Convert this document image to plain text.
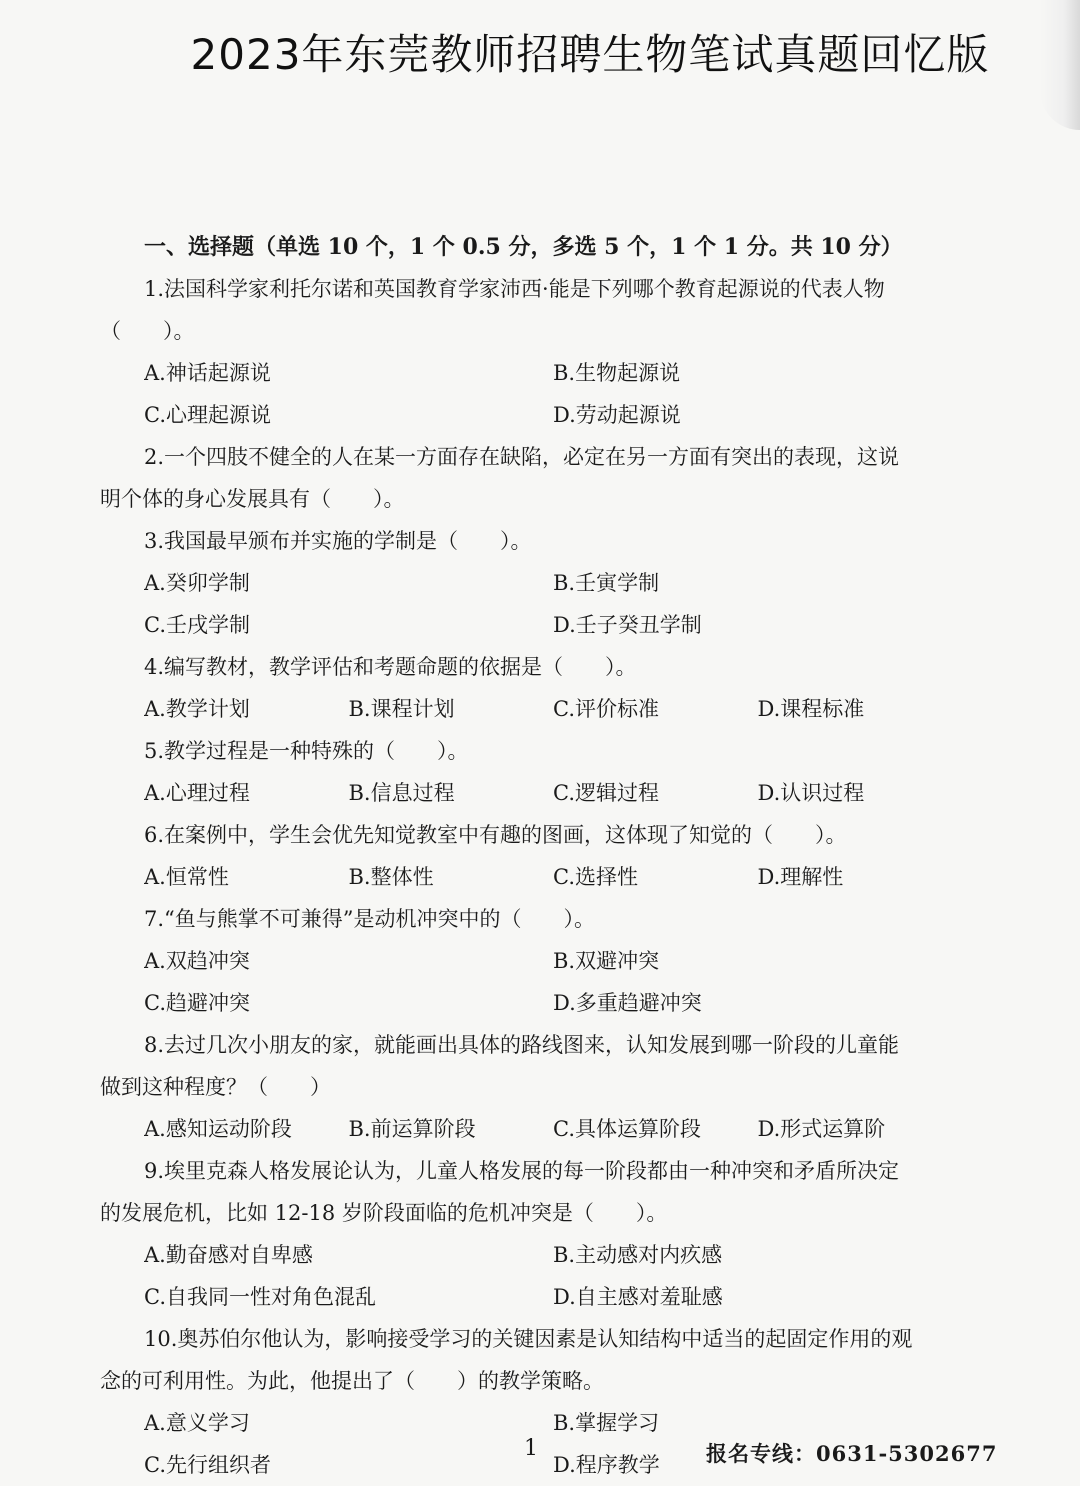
2023年东莞教师招聘生物笔试真题回忆版
一、选择题（单选 10 个，1 个 0.5 分，多选 5 个，1 个 1 分。共 10 分）
1.法国科学家利托尔诺和英国教育学家沛西·能是下列哪个教育起源说的代表人物
（　　）。
A.神话起源说	B.生物起源说
C.心理起源说	D.劳动起源说
2.一个四肢不健全的人在某一方面存在缺陷，必定在另一方面有突出的表现，这说
明个体的身心发展具有（　　）。
3.我国最早颁布并实施的学制是（　　）。
A.癸卯学制	B.壬寅学制
C.壬戌学制	D.壬子癸丑学制
4.编写教材，教学评估和考题命题的依据是（　　）。
A.教学计划	B.课程计划	C.评价标准	D.课程标准
5.教学过程是一种特殊的（　　）。
A.心理过程	B.信息过程	C.逻辑过程	D.认识过程
6.在案例中，学生会优先知觉教室中有趣的图画，这体现了知觉的（　　）。
A.恒常性	B.整体性	C.选择性	D.理解性
7.“鱼与熊掌不可兼得”是动机冲突中的（　　）。
A.双趋冲突	B.双避冲突
C.趋避冲突	D.多重趋避冲突
8.去过几次小朋友的家，就能画出具体的路线图来，认知发展到哪一阶段的儿童能
做到这种程度？（　　）
A.感知运动阶段	B.前运算阶段	C.具体运算阶段	D.形式运算阶
9.埃里克森人格发展论认为，儿童人格发展的每一阶段都由一种冲突和矛盾所决定
的发展危机，比如 12-18 岁阶段面临的危机冲突是（　　）。
A.勤奋感对自卑感	B.主动感对内疚感
C.自我同一性对角色混乱	D.自主感对羞耻感
10.奥苏伯尔他认为，影响接受学习的关键因素是认知结构中适当的起固定作用的观
念的可利用性。为此，他提出了（　　）的教学策略。
A.意义学习	B.掌握学习
C.先行组织者	D.程序教学
1	报名专线：0631-5302677
